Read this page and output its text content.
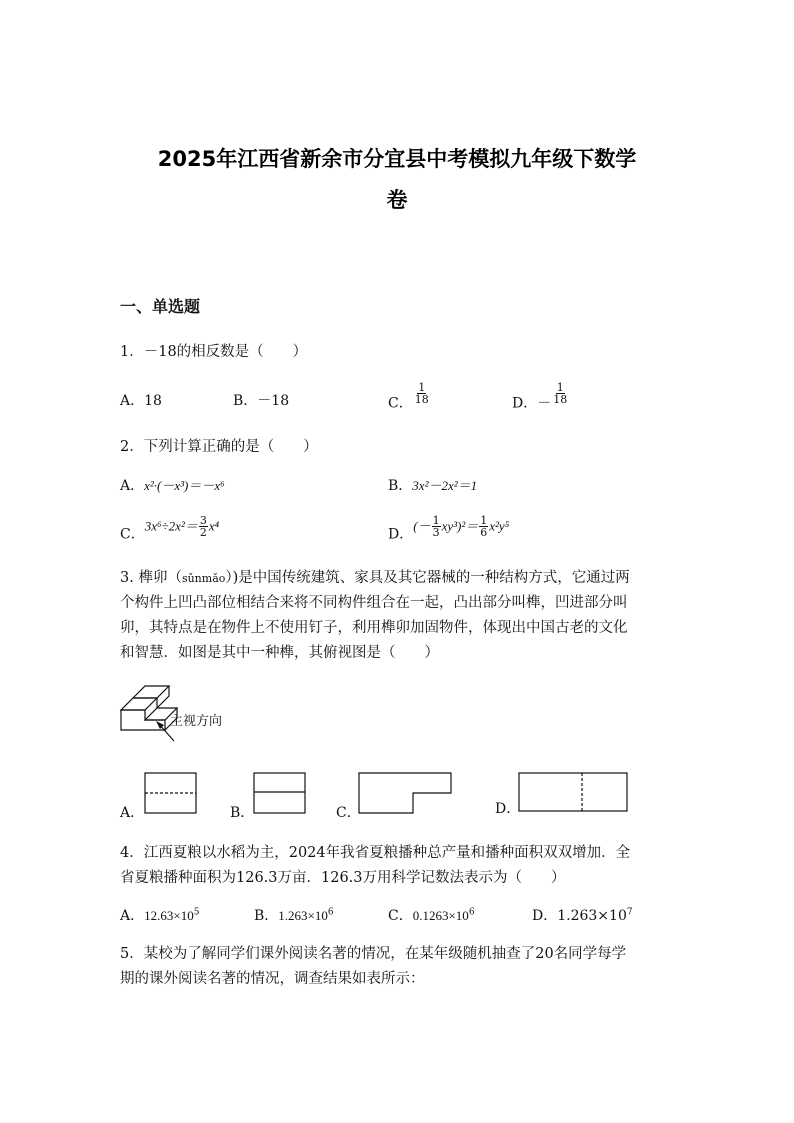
2025年江西省新余市分宜县中考模拟九年级下数学
卷
一、单选题
1．－18的相反数是（　　）
A．18	B．－18	C． $\frac{1}{18}$	D．－ $\frac{1}{18}$
2．下列计算正确的是（　　）
A．x²·(－x³)＝－x⁶	B．3x²－2x²＝1
C．$3x^6\div 2x^2= \frac{3}{2} x^4$
D．(－ $\frac{1}{3} xy^3)^2= \frac{1}{6} x^2y^5$
3. 榫卯（sǔnmǎo）)是中国传统建筑、家具及其它器械的一种结构方式，它通过两
个构件上凹凸部位相结合来将不同构件组合在一起，凸出部分叫榫，凹进部分叫
卯，其特点是在物件上不使用钉子，利用榫卯加固物件，体现出中国古老的文化
和智慧．如图是其中一种榫，其俯视图是（　　）
主视方向
A．	B．	C．	D．
4．江西夏粮以水稻为主，2024年我省夏粮播种总产量和播种面积双双增加．全
省夏粮播种面积为126.3万亩．126.3万用科学记数法表示为（　　）
A．$12.63\times 10^5$	B．$1.263\times 10^6$	C．$0.1263\times 10^6$	D．$1.263\times 10^7$
5．某校为了解同学们课外阅读名著的情况，在某年级随机抽查了20名同学每学
期的课外阅读名著的情况，调查结果如表所示：
